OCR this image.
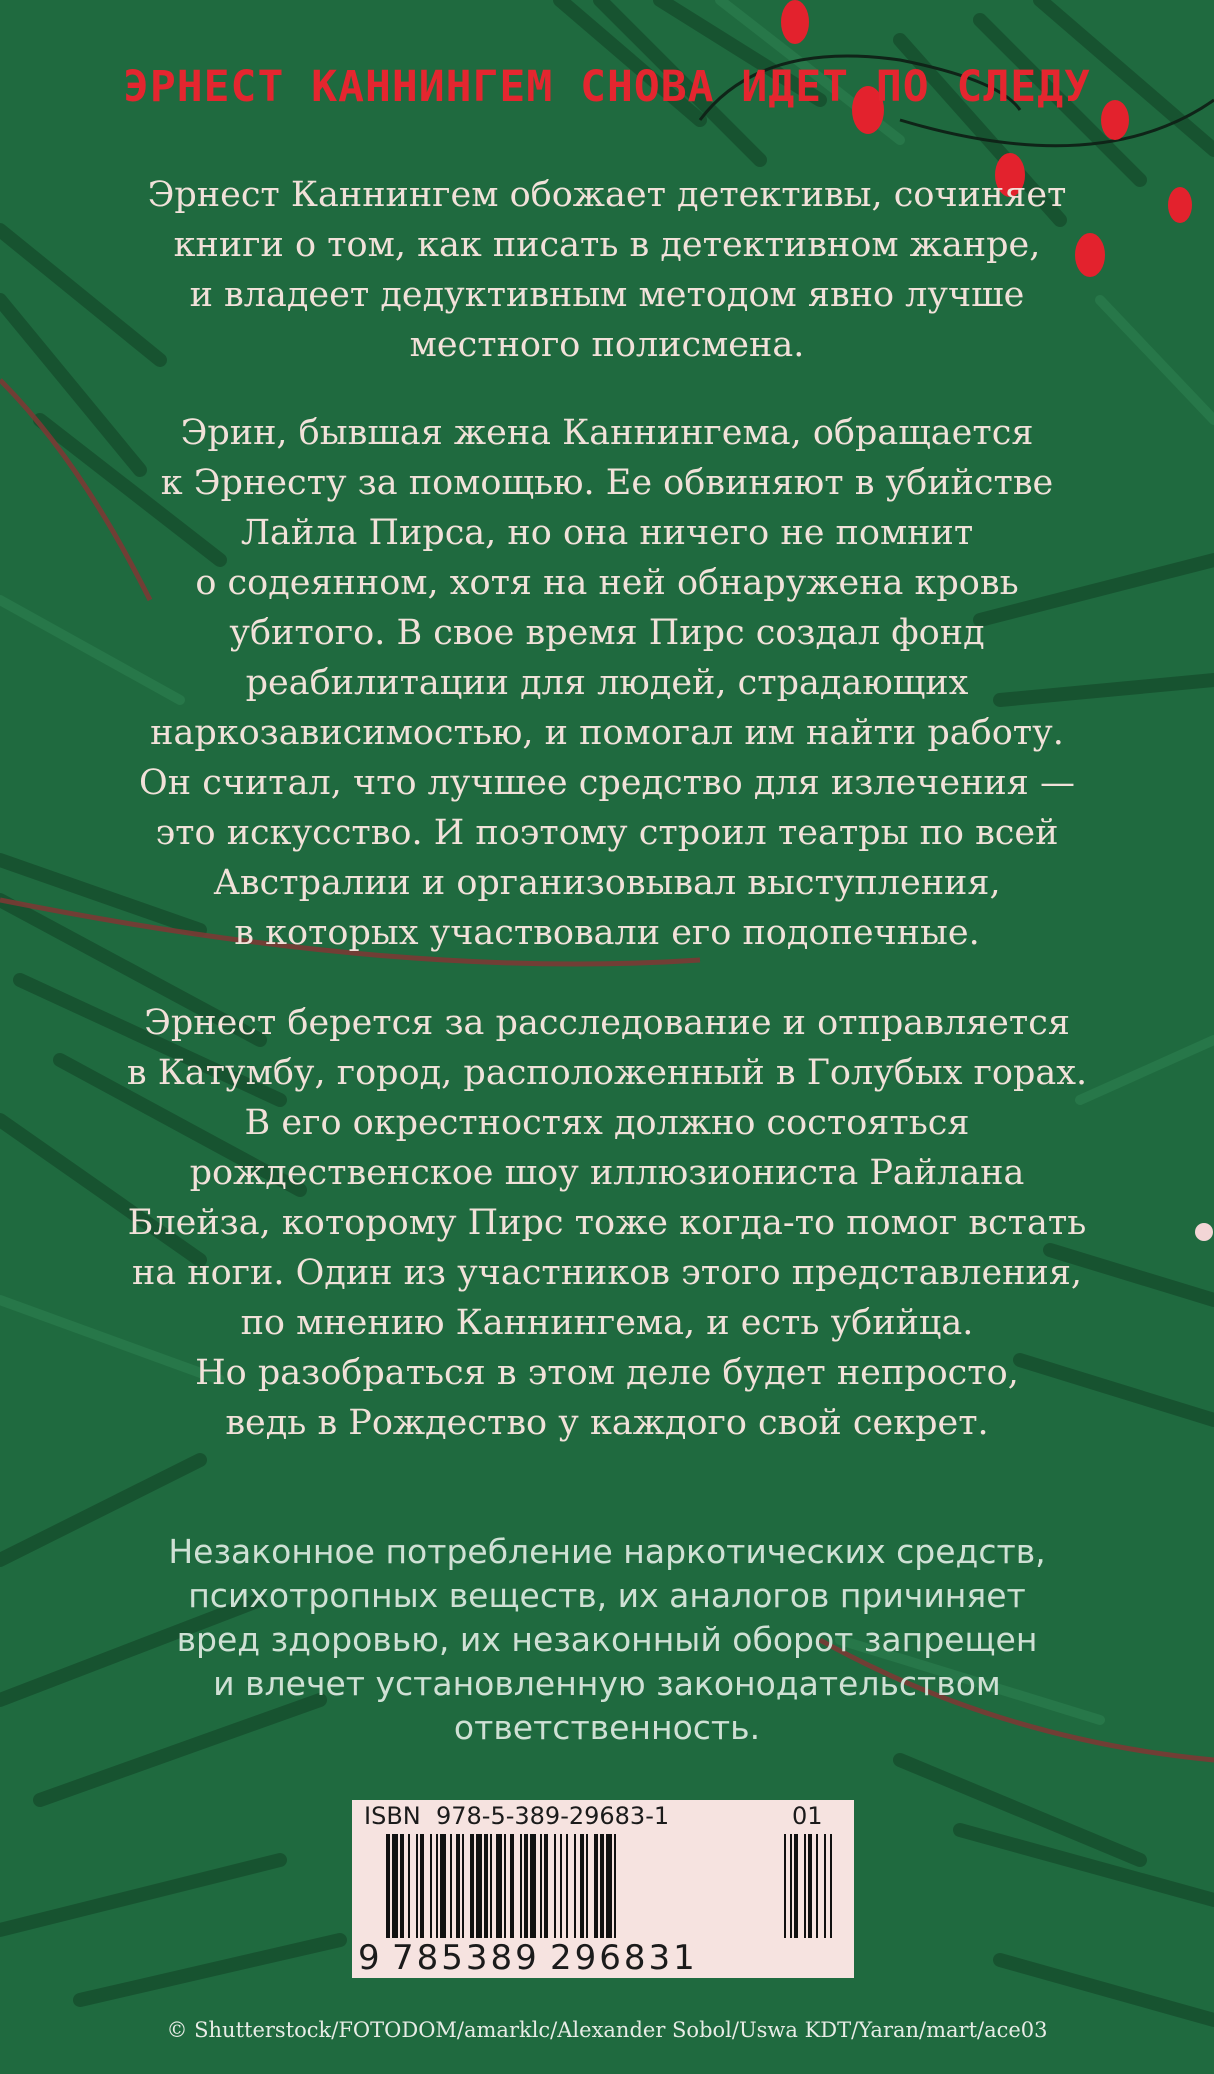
ЭРНЕСТ КАННИНГЕМ СНОВА ИДЕТ ПО СЛЕДУ

Эрнест Каннингем обожает детективы, сочиняет
книги о том, как писать в детективном жанре,
и владеет дедуктивным методом явно лучше
местного полисмена.

Эрин, бывшая жена Каннингема, обращается
к Эрнесту за помощью. Ее обвиняют в убийстве
Лайла Пирса, но она ничего не помнит
о содеянном, хотя на ней обнаружена кровь
убитого. В свое время Пирс создал фонд
реабилитации для людей, страдающих
наркозависимостью, и помогал им найти работу.
Он считал, что лучшее средство для излечения —
это искусство. И поэтому строил театры по всей
Австралии и организовывал выступления,
в которых участвовали его подопечные.

Эрнест берется за расследование и отправляется
в Катумбу, город, расположенный в Голубых горах.
В его окрестностях должно состояться
рождественское шоу иллюзиониста Райлана
Блейза, которому Пирс тоже когда-то помог встать
на ноги. Один из участников этого представления,
по мнению Каннингема, и есть убийца.
Но разобраться в этом деле будет непросто,
ведь в Рождество у каждого свой секрет.

Незаконное потребление наркотических средств,
психотропных веществ, их аналогов причиняет
вред здоровью, их незаконный оборот запрещен
и влечет установленную законодательством
ответственность.

ISBN  978-5-389-29683-1	01
9 785389 296831
© Shutterstock/FOTODOM/amarklc/Alexander Sobol/Uswa KDT/Yaran/mart/ace03
